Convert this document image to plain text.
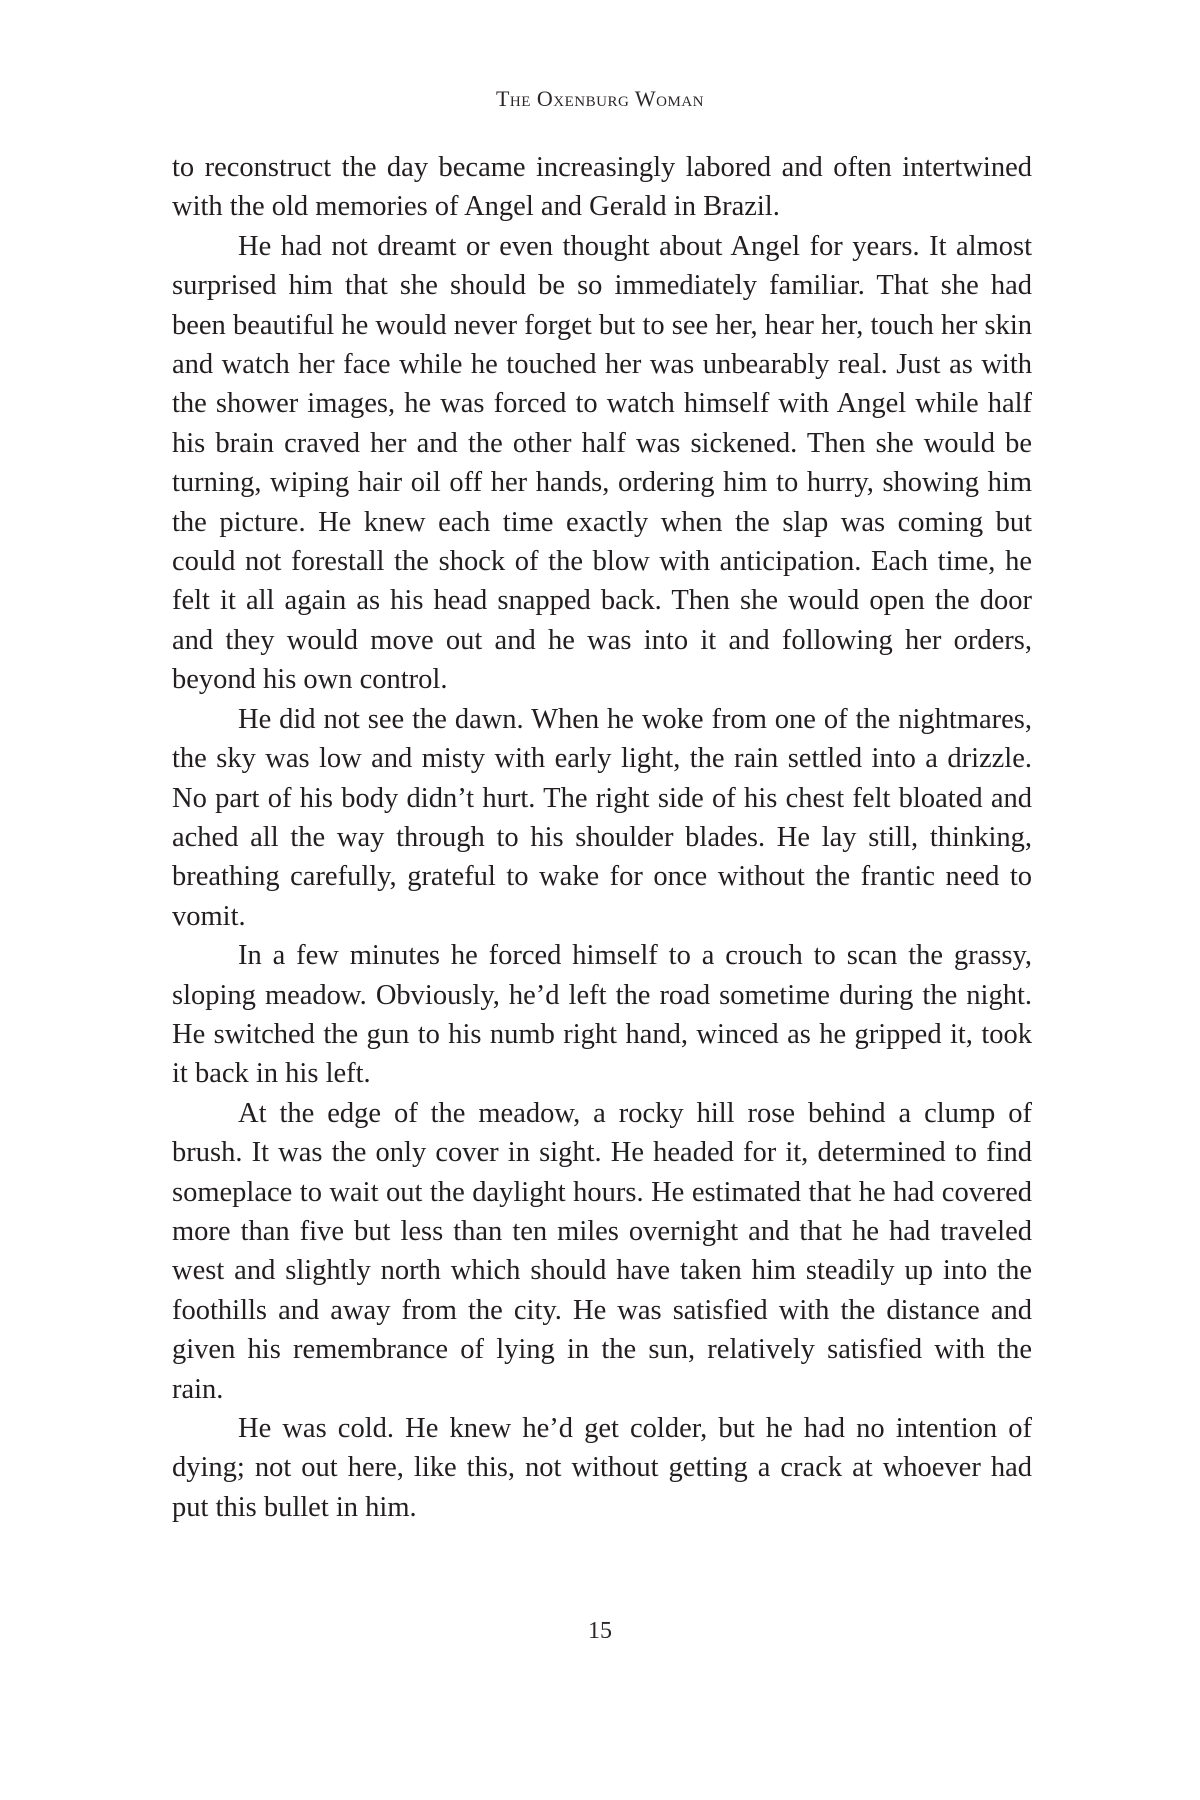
The Oxenburg Woman

to reconstruct the day became increasingly labored and often intertwined with the old memories of Angel and Gerald in Brazil.

He had not dreamt or even thought about Angel for years. It almost surprised him that she should be so immediately familiar. That she had been beautiful he would never forget but to see her, hear her, touch her skin and watch her face while he touched her was unbearably real. Just as with the shower images, he was forced to watch himself with Angel while half his brain craved her and the other half was sickened. Then she would be turning, wiping hair oil off her hands, ordering him to hurry, showing him the picture. He knew each time exactly when the slap was coming but could not forestall the shock of the blow with anticipation. Each time, he felt it all again as his head snapped back. Then she would open the door and they would move out and he was into it and following her orders, beyond his own control.

He did not see the dawn. When he woke from one of the nightmares, the sky was low and misty with early light, the rain settled into a drizzle. No part of his body didn’t hurt. The right side of his chest felt bloated and ached all the way through to his shoulder blades. He lay still, thinking, breathing carefully, grateful to wake for once without the frantic need to vomit.

In a few minutes he forced himself to a crouch to scan the grassy, sloping meadow. Obviously, he’d left the road sometime during the night. He switched the gun to his numb right hand, winced as he gripped it, took it back in his left.

At the edge of the meadow, a rocky hill rose behind a clump of brush. It was the only cover in sight. He headed for it, determined to find someplace to wait out the daylight hours. He estimated that he had covered more than five but less than ten miles overnight and that he had traveled west and slightly north which should have taken him steadily up into the foothills and away from the city. He was satisfied with the distance and given his remembrance of lying in the sun, relatively satisfied with the rain.

He was cold. He knew he’d get colder, but he had no intention of dying; not out here, like this, not without getting a crack at whoever had put this bullet in him.

15
